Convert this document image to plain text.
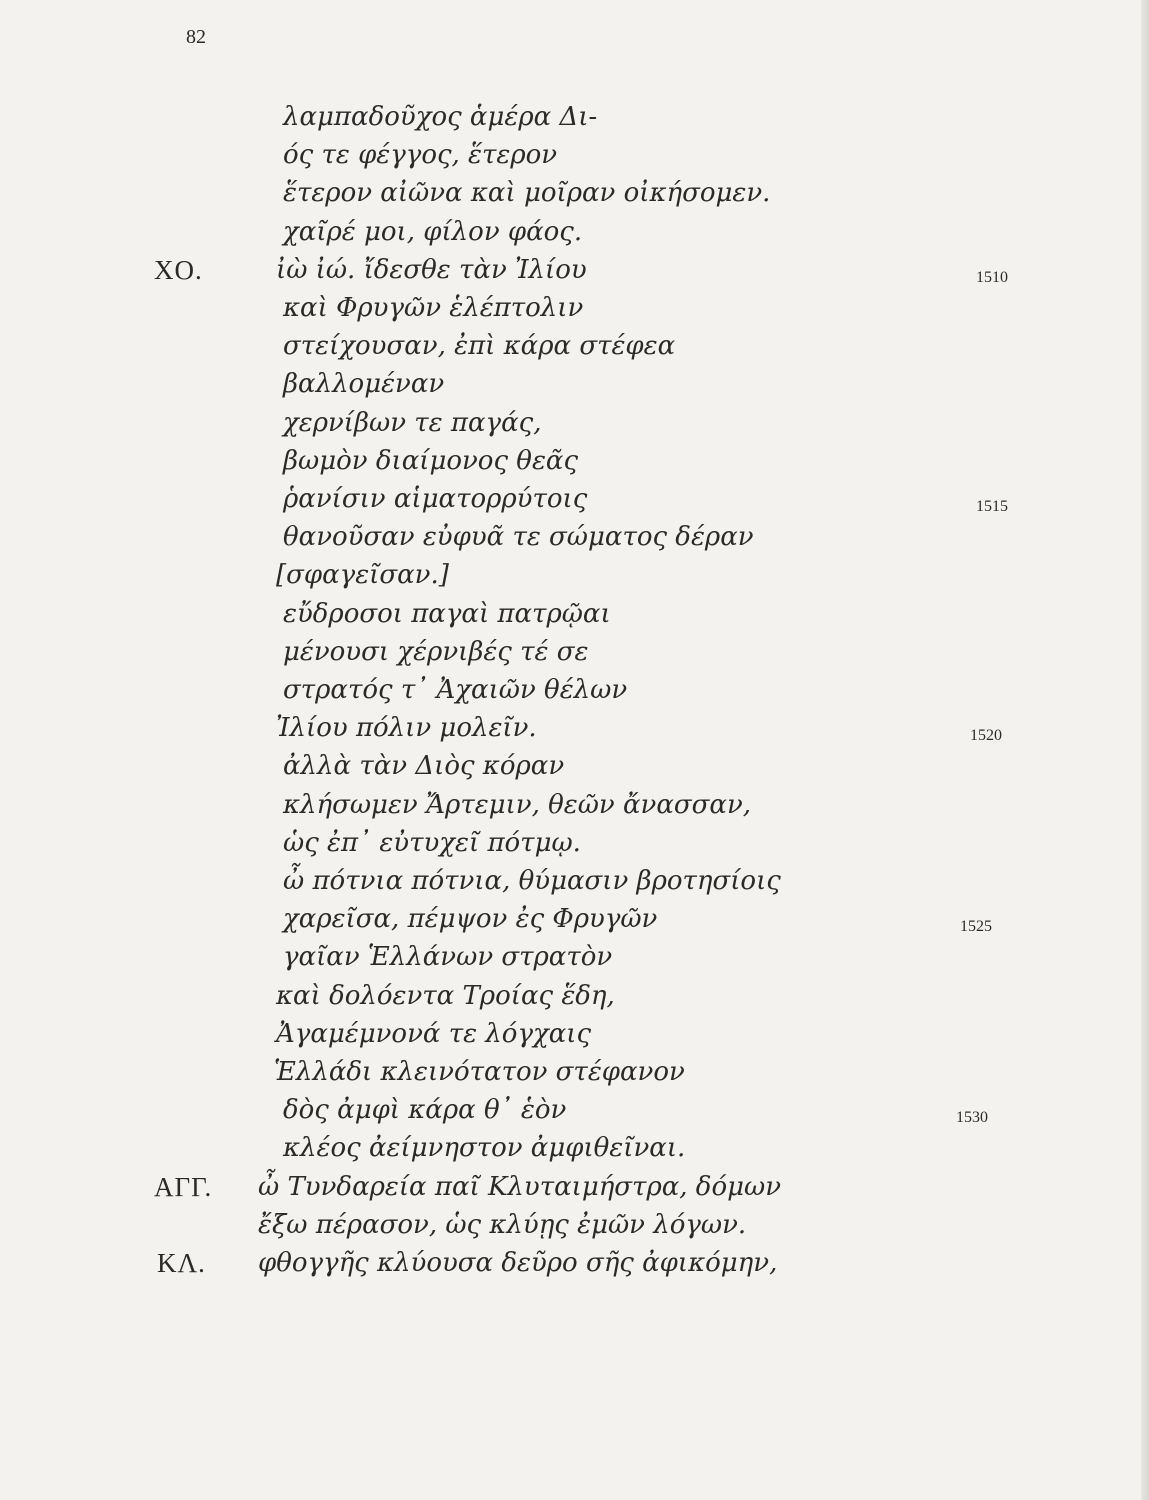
82
λαμπαδοῦχος ἁμέρα Δι-
ός τε φέγγος, ἕτερον
ἕτερον αἰῶνα καὶ μοῖραν οἰκήσομεν.
χαῖρέ μοι, φίλον φάος.
ΧΟ.	ἰὼ ἰώ. ἴδεσθε τὰν Ἰλίου	1510
καὶ Φρυγῶν ἑλέπτολιν
στείχουσαν, ἐπὶ κάρα στέφεα
βαλλομέναν
χερνίβων τε παγάς,
βωμὸν διαίμονος θεᾶς
ῥανίσιν αἱματορρύτοις	1515
θανοῦσαν εὐφυᾶ τε σώματος δέραν
[σφαγεῖσαν.]
εὔδροσοι παγαὶ πατρῷαι
μένουσι χέρνιβές τέ σε
στρατός τ᾽ Ἀχαιῶν θέλων
Ἰλίου πόλιν μολεῖν.	1520
ἀλλὰ τὰν Διὸς κόραν
κλήσωμεν Ἄρτεμιν, θεῶν ἄνασσαν,
ὡς ἐπ᾽ εὐτυχεῖ πότμῳ.
ὦ πότνια πότνια, θύμασιν βροτησίοις
χαρεῖσα, πέμψον ἐς Φρυγῶν	1525
γαῖαν Ἑλλάνων στρατὸν
καὶ δολόεντα Τροίας ἕδη,
Ἀγαμέμνονά τε λόγχαις
Ἑλλάδι κλεινότατον στέφανον
δὸς ἀμφὶ κάρα θ᾽ ἑὸν	1530
κλέος ἀείμνηστον ἀμφιθεῖναι.
ΑΓΓ. ὦ Τυνδαρεία παῖ Κλυταιμήστρα, δόμων
ἔξω πέρασον, ὡς κλύῃς ἐμῶν λόγων.
ΚΛ. φθογγῆς κλύουσα δεῦρο σῆς ἀφικόμην,
